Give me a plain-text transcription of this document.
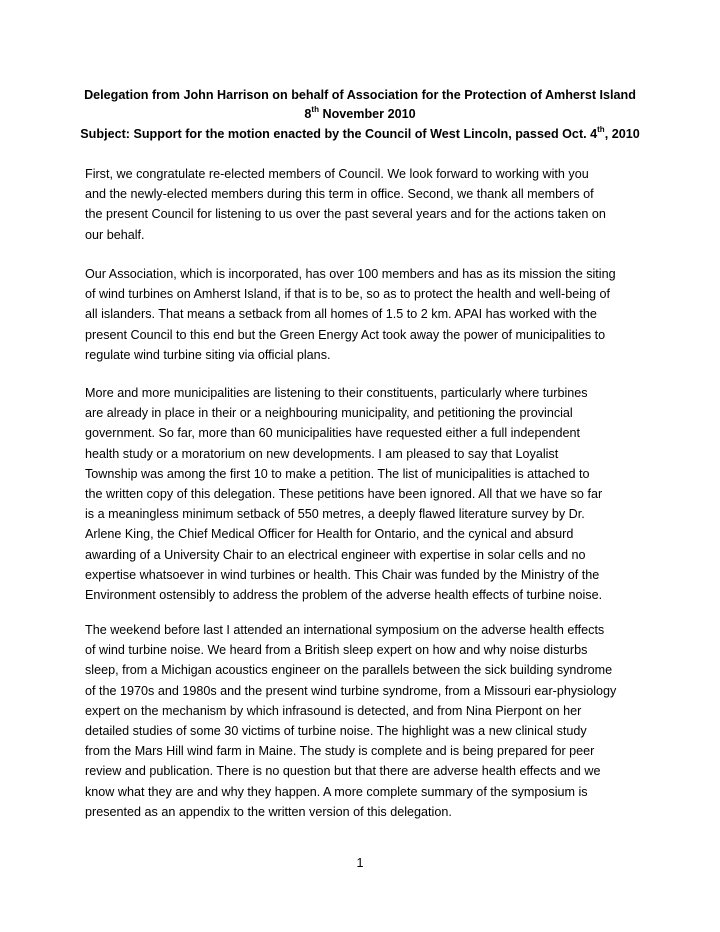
Delegation from John Harrison on behalf of Association for the Protection of Amherst Island
8th November 2010
Subject: Support for the motion enacted by the Council of West Lincoln, passed Oct. 4th, 2010
First, we congratulate re-elected members of Council. We look forward to working with you
and the newly-elected members during this term in office. Second, we thank all members of
the present Council for listening to us over the past several years and for the actions taken on
our behalf.
Our Association, which is incorporated, has over 100 members and has as its mission the siting
of wind turbines on Amherst Island, if that is to be, so as to protect the health and well-being of
all islanders. That means a setback from all homes of 1.5 to 2 km. APAI has worked with the
present Council to this end but the Green Energy Act took away the power of municipalities to
regulate wind turbine siting via official plans.
More and more municipalities are listening to their constituents, particularly where turbines
are already in place in their or a neighbouring municipality, and petitioning the provincial
government. So far, more than 60 municipalities have requested either a full independent
health study or a moratorium on new developments. I am pleased to say that Loyalist
Township was among the first 10 to make a petition. The list of municipalities is attached to
the written copy of this delegation. These petitions have been ignored. All that we have so far
is a meaningless minimum setback of 550 metres, a deeply flawed literature survey by Dr.
Arlene King, the Chief Medical Officer for Health for Ontario, and the cynical and absurd
awarding of a University Chair to an electrical engineer with expertise in solar cells and no
expertise whatsoever in wind turbines or health. This Chair was funded by the Ministry of the
Environment ostensibly to address the problem of the adverse health effects of turbine noise.
The weekend before last I attended an international symposium on the adverse health effects
of wind turbine noise. We heard from a British sleep expert on how and why noise disturbs
sleep, from a Michigan acoustics engineer on the parallels between the sick building syndrome
of the 1970s and 1980s and the present wind turbine syndrome, from a Missouri ear-physiology
expert on the mechanism by which infrasound is detected, and from Nina Pierpont on her
detailed studies of some 30 victims of turbine noise. The highlight was a new clinical study
from the Mars Hill wind farm in Maine. The study is complete and is being prepared for peer
review and publication. There is no question but that there are adverse health effects and we
know what they are and why they happen. A more complete summary of the symposium is
presented as an appendix to the written version of this delegation.
1
